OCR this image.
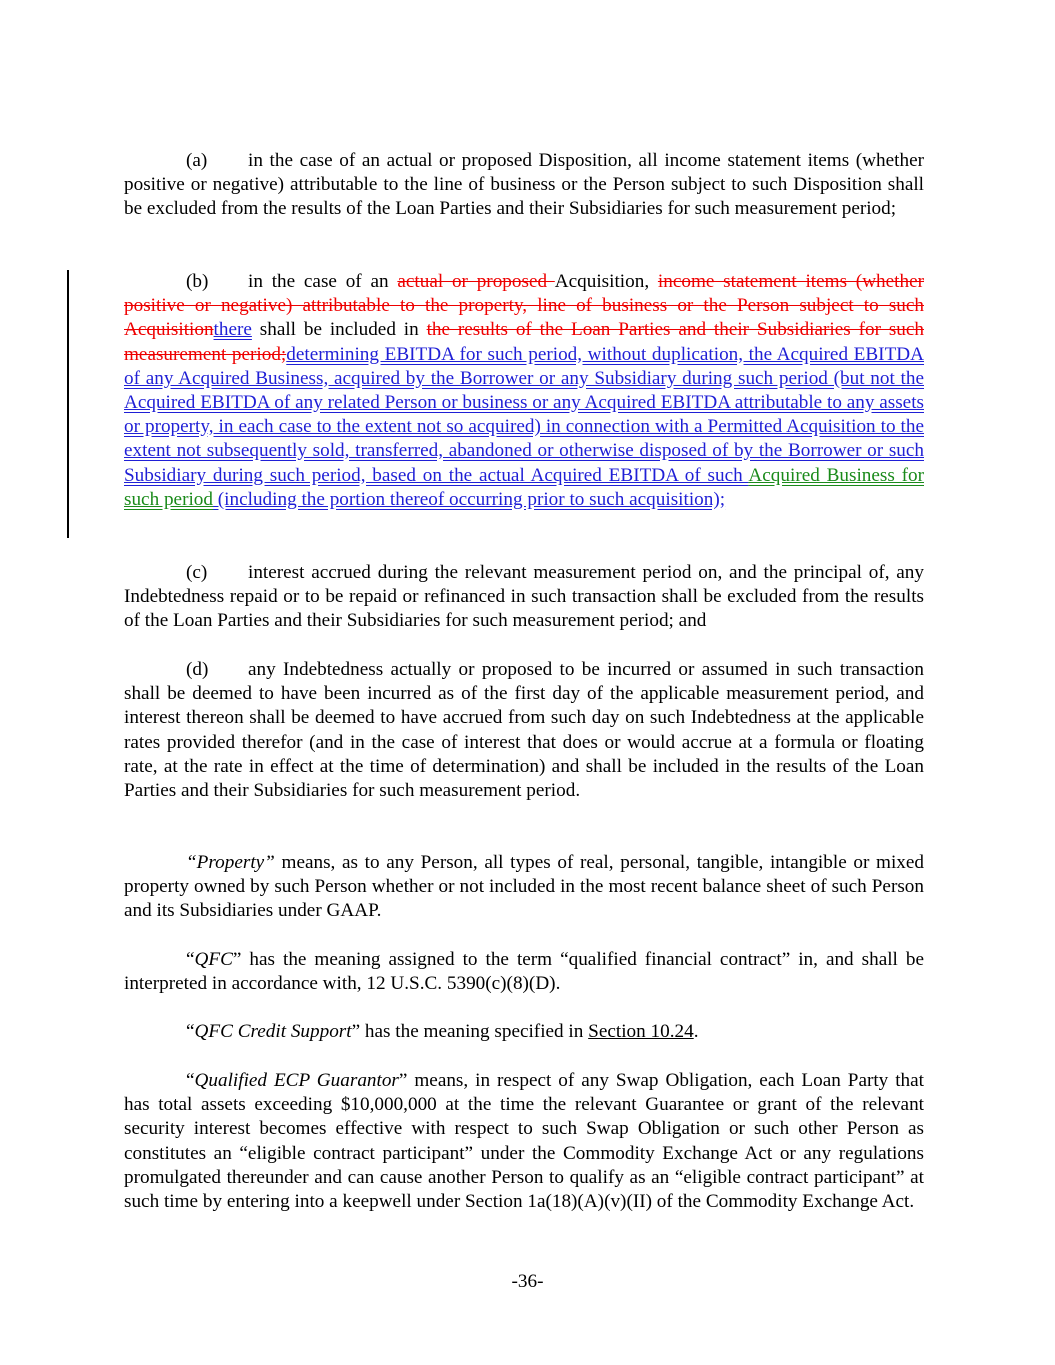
(a) in the case of an actual or proposed Disposition, all income statement items (whether positive or negative) attributable to the line of business or the Person subject to such Disposition shall be excluded from the results of the Loan Parties and their Subsidiaries for such measurement period;

(b) in the case of an actual or proposed Acquisition, income statement items (whether positive or negative) attributable to the property, line of business or the Person subject to such Acquisitionthere shall be included in the results of the Loan Parties and their Subsidiaries for such measurement period;determining EBITDA for such period, without duplication, the Acquired EBITDA of any Acquired Business, acquired by the Borrower or any Subsidiary during such period (but not the Acquired EBITDA of any related Person or business or any Acquired EBITDA attributable to any assets or property, in each case to the extent not so acquired) in connection with a Permitted Acquisition to the extent not subsequently sold, transferred, abandoned or otherwise disposed of by the Borrower or such Subsidiary during such period, based on the actual Acquired EBITDA of such Acquired Business for such period (including the portion thereof occurring prior to such acquisition);

(c) interest accrued during the relevant measurement period on, and the principal of, any Indebtedness repaid or to be repaid or refinanced in such transaction shall be excluded from the results of the Loan Parties and their Subsidiaries for such measurement period; and

(d) any Indebtedness actually or proposed to be incurred or assumed in such transaction shall be deemed to have been incurred as of the first day of the applicable measurement period, and interest thereon shall be deemed to have accrued from such day on such Indebtedness at the applicable rates provided therefor (and in the case of interest that does or would accrue at a formula or floating rate, at the rate in effect at the time of determination) and shall be included in the results of the Loan Parties and their Subsidiaries for such measurement period.

“Property” means, as to any Person, all types of real, personal, tangible, intangible or mixed property owned by such Person whether or not included in the most recent balance sheet of such Person and its Subsidiaries under GAAP.

“QFC” has the meaning assigned to the term “qualified financial contract” in, and shall be interpreted in accordance with, 12 U.S.C. 5390(c)(8)(D).

“QFC Credit Support” has the meaning specified in Section 10.24.

“Qualified ECP Guarantor” means, in respect of any Swap Obligation, each Loan Party that has total assets exceeding $10,000,000 at the time the relevant Guarantee or grant of the relevant security interest becomes effective with respect to such Swap Obligation or such other Person as constitutes an “eligible contract participant” under the Commodity Exchange Act or any regulations promulgated thereunder and can cause another Person to qualify as an “eligible contract participant” at such time by entering into a keepwell under Section 1a(18)(A)(v)(II) of the Commodity Exchange Act.

-36-
